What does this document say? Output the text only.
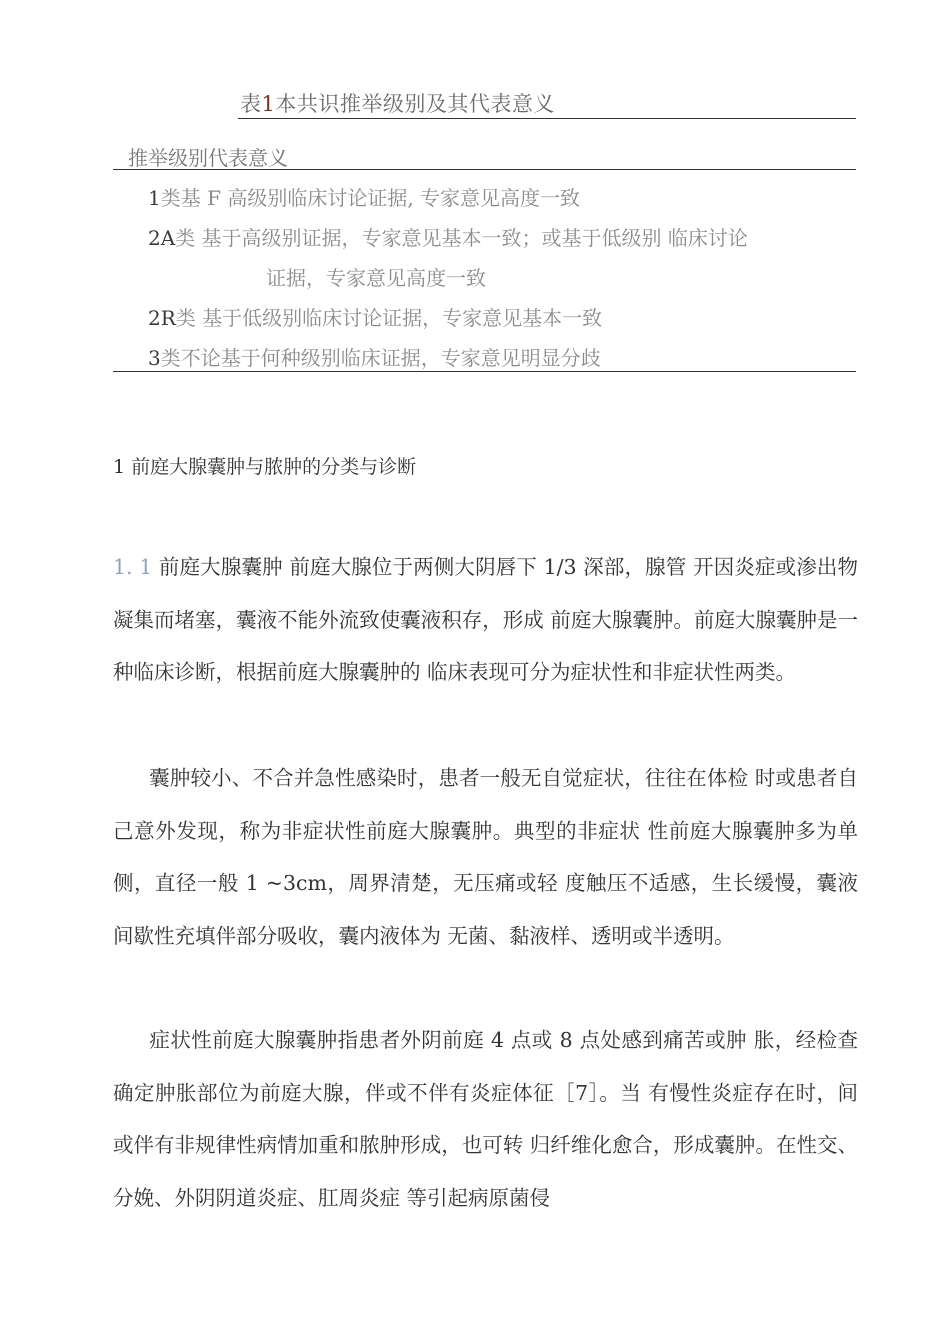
表1本共识推举级别及其代表意义
推举级别代表意义
1类基 F 高级别临床讨论证据, 专家意见高度一致
2A类 基于高级别证据，专家意见基本一致；或基于低级别 临床讨论
证据，专家意见高度一致
2R类 基于低级别临床讨论证据，专家意见基本一致
3类不论基于何种级别临床证据，专家意见明显分歧
1 前庭大腺囊肿与脓肿的分类与诊断

1. 1 前庭大腺囊肿 前庭大腺位于两侧大阴唇下 1/3 深部，腺管 开因炎症或渗出物凝集而堵塞，囊液不能外流致使囊液积存，形成 前庭大腺囊肿。前庭大腺囊肿是一种临床诊断，根据前庭大腺囊肿的 临床表现可分为症状性和非症状性两类。

囊肿较小、不合并急性感染时，患者一般无自觉症状，往往在体检 时或患者自己意外发现，称为非症状性前庭大腺囊肿。典型的非症状 性前庭大腺囊肿多为单侧，直径一般 1 ~3cm，周界清楚，无压痛或轻 度触压不适感，生长缓慢，囊液间歇性充填伴部分吸收，囊内液体为 无菌、黏液样、透明或半透明。

症状性前庭大腺囊肿指患者外阴前庭 4 点或 8 点处感到痛苦或肿 胀，经检查确定肿胀部位为前庭大腺，伴或不伴有炎症体征［7］。当 有慢性炎症存在时，间或伴有非规律性病情加重和脓肿形成，也可转 归纤维化愈合，形成囊肿。在性交、分娩、外阴阴道炎症、肛周炎症 等引起病原菌侵
